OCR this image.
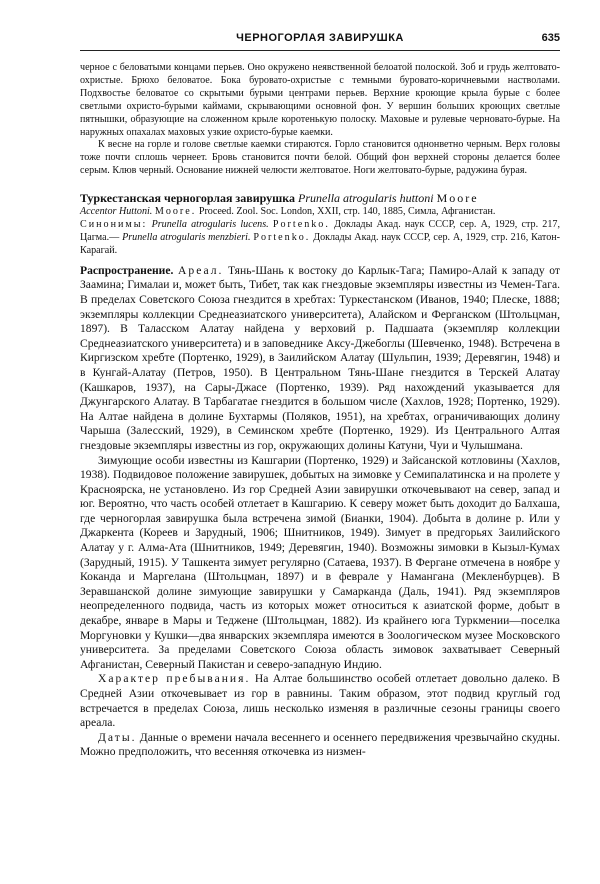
ЧЕРНОГОРЛАЯ ЗАВИРУШКА	635

черное с беловатыми концами перьев. Оно окружено неявственной белоатой полоской. Зоб и грудь желтовато-охристые. Брюхо беловатое. Бока буровато-охристые с темными буровато-коричневыми настволами. Подхвостье беловатое со скрытыми бурыми центрами перьев. Верхние кроющие крыла бурые с более светлыми охристо-бурыми каймами, скрывающими основной фон. У вершин больших кроющих светлые пятнышки, образующие на сложенном крыле коротенькую полоску. Маховые и рулевые черновато-бурые. На наружных опахалах маховых узкие охристо-бурые каемки.

К весне на горле и голове светлые каемки стираются. Горло становится однонветно черным. Верх головы тоже почти сплошь чернеет. Бровь становится почти белой. Общий фон верхней стороны делается более серым. Клюв черный. Основание нижней челюсти желтоватое. Ноги желтовато-бурые, радужина бурая.

Туркестанская черногорлая завирушка Prunella atrogularis huttoni Moore

Accentor Huttoni. Moore. Proceed. Zool. Soc. London, XXII, стр. 140, 1885, Симла, Афганистан.

Синонимы: Prunella atrogularis lucens. Portenko. Доклады Акад. наук СССР, сер. А, 1929, стр. 217, Цагма.— Prunella atrogularis menzbieri. Portenko. Доклады Акад. наук СССР, сер. А, 1929, стр. 216, Катон-Карагай.

Распространение. Ареал. Тянь-Шань к востоку до Карлык-Тага; Памиро-Алай к западу от Заамина; Гималаи и, может быть, Тибет, так как гнездовые экземпляры известны из Чемен-Тага. В пределах Советского Союза гнездится в хребтах: Туркестанском (Иванов, 1940; Плеске, 1888; экземпляры коллекции Среднеазиатского университета), Алайском и Ферганском (Штольцман, 1897). В Таласском Алатау найдена у верховий р. Падшаата (экземпляр коллекции Среднеазиатского университета) и в заповеднике Аксу-Джебоглы (Шевченко, 1948). Встречена в Киргизском хребте (Портенко, 1929), в Заилийском Алатау (Шульпин, 1939; Деревягин, 1948) и в Кунгай-Алатау (Петров, 1950). В Центральном Тянь-Шане гнездится в Терскей Алатау (Кашкаров, 1937), на Сары-Джасе (Портенко, 1939). Ряд нахождений указывается для Джунгарского Алатау. В Тарбагатае гнездится в большом числе (Хахлов, 1928; Портенко, 1929). На Алтае найдена в долине Бухтармы (Поляков, 1951), на хребтах, ограничивающих долину Чарыша (Залесский, 1929), в Семинском хребте (Портенко, 1929). Из Центрального Алтая гнездовые экземпляры известны из гор, окружающих долины Катуни, Чуи и Чулышмана.

Зимующие особи известны из Кашгарии (Портенко, 1929) и Зайсанской котловины (Хахлов, 1938). Подвидовое положение завирушек, добытых на зимовке у Семипалатинска и на пролете у Красноярска, не установлено. Из гор Средней Азии завирушки откочевывают на север, запад и юг. Вероятно, что часть особей отлетает в Кашгарию. К северу может быть доходит до Балхаша, где черногорлая завирушка была встречена зимой (Бианки, 1904). Добыта в долине р. Или у Джаркента (Кореев и Зарудный, 1906; Шнитников, 1949). Зимует в предгорьях Заилийского Алатау у г. Алма-Ата (Шнитников, 1949; Деревягин, 1940). Возможны зимовки в Кызыл-Кумах (Зарудный, 1915). У Ташкента зимует регулярно (Сатаева, 1937). В Фергане отмечена в ноябре у Коканда и Маргелана (Штольцман, 1897) и в феврале у Намангана (Мекленбурцев). В Зеравшанской долине зимующие завирушки у Самарканда (Даль, 1941). Ряд экземпляров неопределенного подвида, часть из которых может относиться к азиатской форме, добыт в декабре, январе в Мары и Теджене (Штольцман, 1882). Из крайнего юга Туркмении—поселка Моргуновки у Кушки—два январских экземпляра имеются в Зоологическом музее Московского университета. За пределами Советского Союза область зимовок захватывает Северный Афганистан, Северный Пакистан и северо-западную Индию.

Характер пребывания. На Алтае большинство особей отлетает довольно далеко. В Средней Азии откочевывает из гор в равнины. Таким образом, этот подвид круглый год встречается в пределах Союза, лишь несколько изменяя в различные сезоны границы своего ареала.

Даты. Данные о времени начала весеннего и осеннего передвижения чрезвычайно скудны. Можно предположить, что весенняя откочевка из низмен-
